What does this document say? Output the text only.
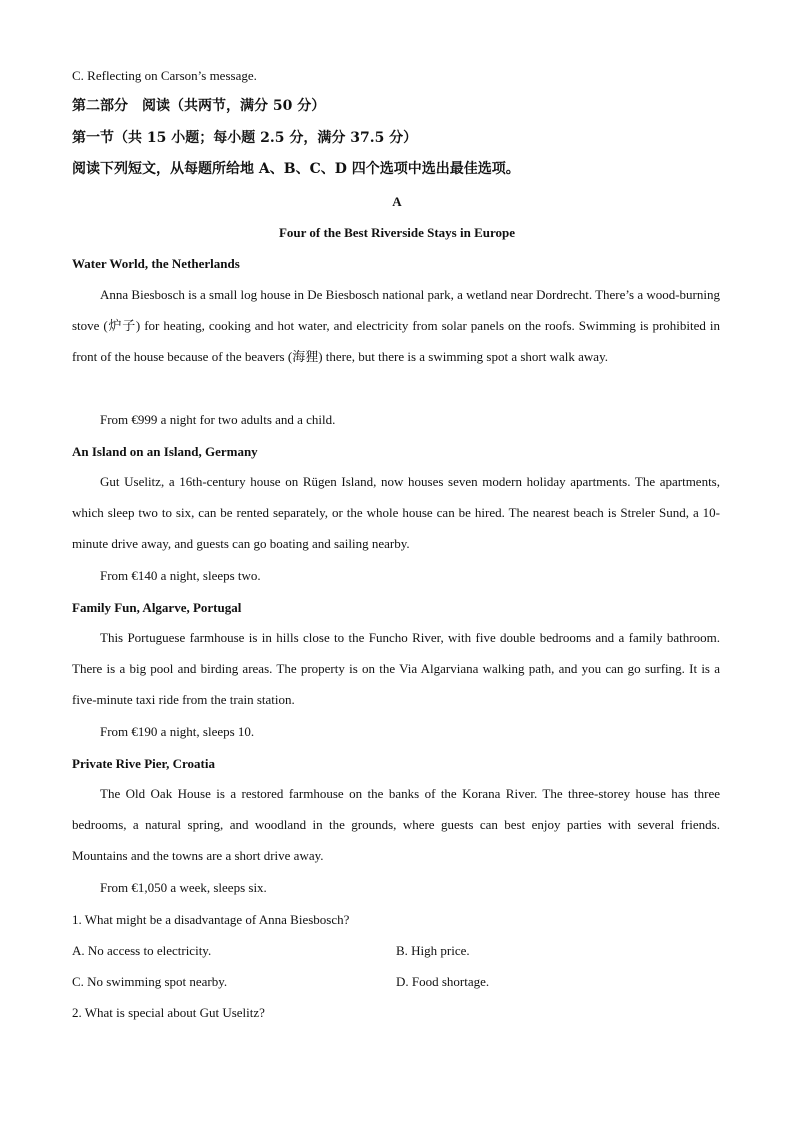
C. Reflecting on Carson’s message.
第二部分　阅读（共两节，满分 50 分）
第一节（共 15 小题；每小题 2.5 分，满分 37.5 分）
阅读下列短文，从每题所给地 A、B、C、D 四个选项中选出最佳选项。
A
Four of the Best Riverside Stays in Europe
Water World, the Netherlands

Anna Biesbosch is a small log house in De Biesbosch national park, a wetland near Dordrecht. There’s a wood-burning stove (炉子) for heating, cooking and hot water, and electricity from solar panels on the roofs. Swimming is prohibited in front of the house because of the beavers (海狸) there, but there is a swimming spot a short walk away.

From €999 a night for two adults and a child.
An Island on an Island, Germany

Gut Uselitz, a 16th-century house on Rügen Island, now houses seven modern holiday apartments. The apartments, which sleep two to six, can be rented separately, or the whole house can be hired. The nearest beach is Streler Sund, a 10-minute drive away, and guests can go boating and sailing nearby.

From €140 a night, sleeps two.
Family Fun, Algarve, Portugal

This Portuguese farmhouse is in hills close to the Funcho River, with five double bedrooms and a family bathroom. There is a big pool and birding areas. The property is on the Via Algarviana walking path, and you can go surfing. It is a five-minute taxi ride from the train station.

From €190 a night, sleeps 10.
Private Rive Pier, Croatia

The Old Oak House is a restored farmhouse on the banks of the Korana River. The three-storey house has three bedrooms, a natural spring, and woodland in the grounds, where guests can best enjoy parties with several friends. Mountains and the towns are a short drive away.

From €1,050 a week, sleeps six.
1. What might be a disadvantage of Anna Biesbosch?
A. No access to electricity.	B. High price.
C. No swimming spot nearby.	D. Food shortage.
2. What is special about Gut Uselitz?
